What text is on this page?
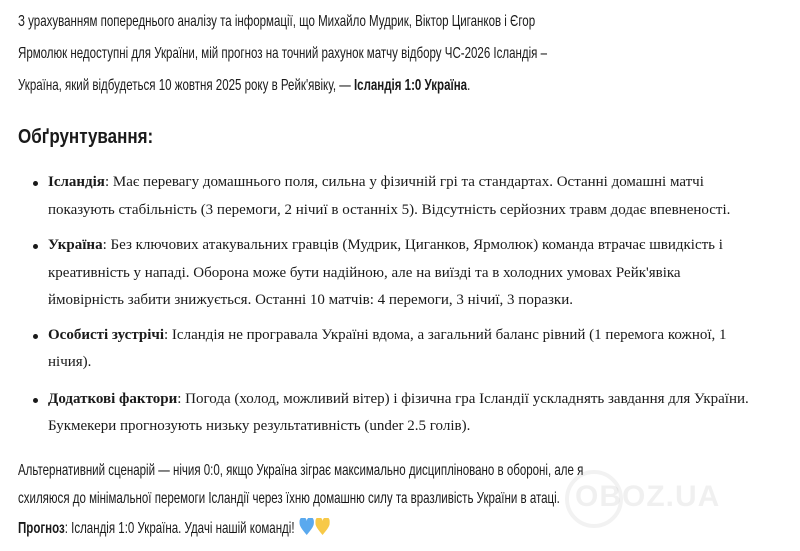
З урахуванням попереднього аналізу та інформації, що Михайло Мудрик, Віктор Циганков і Єгор
Ярмолюк недоступні для України, мій прогноз на точний рахунок матчу відбору ЧС-2026 Ісландія –
Україна, який відбудеться 10 жовтня 2025 року в Рейк'явіку, — Ісландія 1:0 Україна.
Обґрунтування:
Ісландія: Має перевагу домашнього поля, сильна у фізичній грі та стандартах. Останні домашні матчі
показують стабільність (3 перемоги, 2 нічиї в останніх 5). Відсутність серйозних травм додає впевненості.
Україна: Без ключових атакувальних гравців (Мудрик, Циганков, Ярмолюк) команда втрачає швидкість і
креативність у нападі. Оборона може бути надійною, але на виїзді та в холодних умовах Рейк'явіка
ймовірність забити знижується. Останні 10 матчів: 4 перемоги, 3 нічиї, 3 поразки.
Особисті зустрічі: Ісландія не програвала Україні вдома, а загальний баланс рівний (1 перемога кожної, 1
нічия).
Додаткові фактори: Погода (холод, можливий вітер) і фізична гра Ісландії ускладнять завдання для України.
Букмекери прогнозують низьку результативність (under 2.5 голів).
OBOZ.UA
Альтернативний сценарій — нічия 0:0, якщо Україна зіграє максимально дисципліновано в обороні, але я
схиляюся до мінімальної перемоги Ісландії через їхню домашню силу та вразливість України в атаці.
Прогноз: Ісландія 1:0 Україна. Удачі нашій команді!
